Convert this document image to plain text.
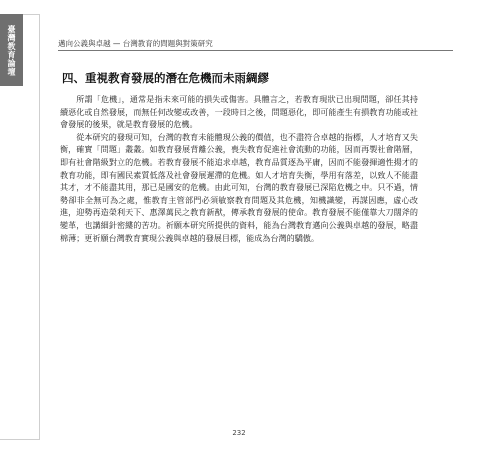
臺灣教育論壇	邁向公義與卓越 — 台灣教育的問題與對策研究
四、重視教育發展的潛在危機而未雨綢繆

所謂「危機」，通常是指未來可能的損失或傷害。具體言之，若教育現狀已出現問題，卻任其持續惡化或自然發展，而無任何改變或改善，一段時日之後，問題惡化，即可能產生有損教育功能或社會發展的後果，就是教育發展的危機。

從本研究的發現可知，台灣的教育未能體現公義的價值，也不盡符合卓越的指標，人才培育又失衡，確實「問題」叢叢。如教育發展背離公義，喪失教育促進社會流動的功能，因而再製社會階層，即有社會階級對立的危機。若教育發展不能追求卓越，教育品質逐為平庸，因而不能發揮適性揚才的教育功能，即有國民素質低落及社會發展遲滯的危機。如人才培育失衡，學用有落差，以致人不能盡其才，才不能盡其用，那已是國安的危機。由此可知，台灣的教育發展已深陷危機之中。只不過，情勢卻非全無可為之處，惟教育主管部門必須敏察教育問題及其危機，知機識變，再謀因應，虛心改進，迎勢再造榮利天下、惠澤萬民之教育新猷，傳承教育發展的使命。教育發展不能僅靠大刀闊斧的變革，也講細針密縷的苦功。祈願本研究所提供的資料，能為台灣教育邁向公義與卓越的發展，略盡棉薄；更祈願台灣教育實現公義與卓越的發展目標，能成為台灣的驕傲。

232
